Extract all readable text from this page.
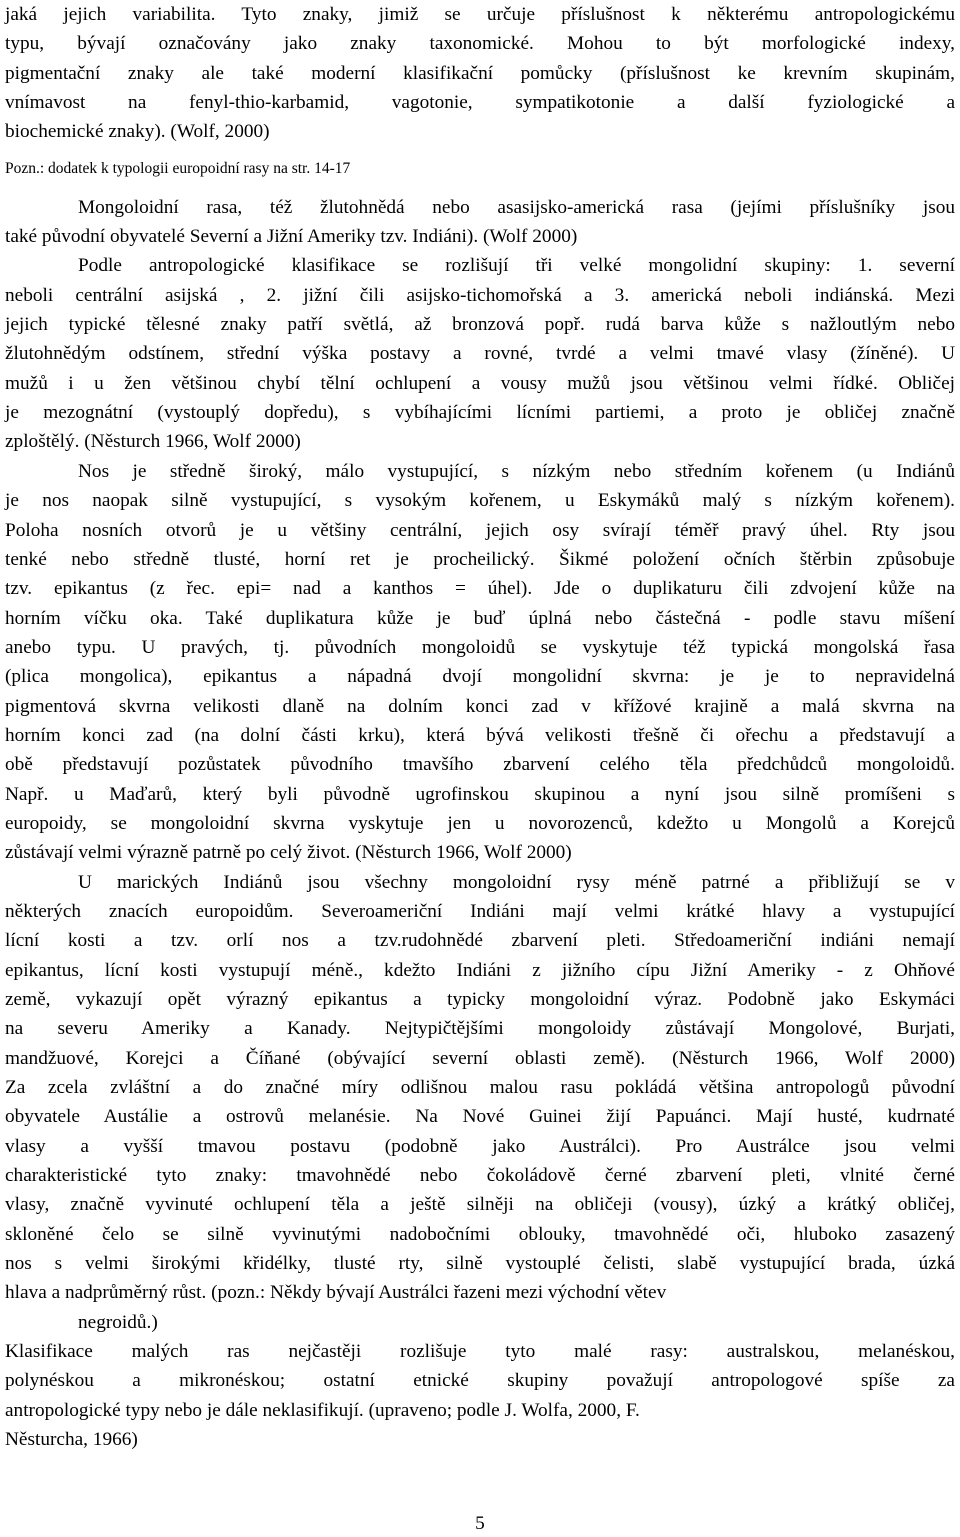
jaká jejich variabilita. Tyto znaky, jimiž se určuje příslušnost k některému antropologickému
typu, bývají označovány jako znaky taxonomické. Mohou to být morfologické indexy,
pigmentační znaky ale také moderní klasifikační pomůcky (příslušnost ke krevním skupinám,
vnímavost na fenyl-thio-karbamid, vagotonie, sympatikotonie a další fyziologické a
biochemické znaky). (Wolf, 2000)
Pozn.: dodatek k typologii europoidní rasy na str. 14-17
Mongoloidní rasa, též žlutohnědá nebo asasijsko-americká rasa (jejími příslušníky jsou
také původní obyvatelé Severní a Jižní Ameriky tzv. Indiáni). (Wolf 2000)
Podle antropologické klasifikace se rozlišují tři velké mongolidní skupiny: 1. severní
neboli centrální asijská , 2. jižní čili asijsko-tichomořská a 3. americká neboli indiánská. Mezi
jejich typické tělesné znaky patří světlá, až bronzová popř. rudá barva kůže s nažloutlým nebo
žlutohnědým odstínem, střední výška postavy a rovné, tvrdé a velmi tmavé vlasy (žíněné). U
mužů i u žen většinou chybí tělní ochlupení a vousy mužů jsou většinou velmi řídké. Obličej
je mezognátní (vystouplý dopředu), s vybíhajícími lícními partiemi, a proto je obličej značně
zploštělý. (Něsturch 1966, Wolf 2000)
Nos je středně široký, málo vystupující, s nízkým nebo středním kořenem (u Indiánů
je nos naopak silně vystupující, s vysokým kořenem, u Eskymáků malý s nízkým kořenem).
Poloha nosních otvorů je u většiny centrální, jejich osy svírají téměř pravý úhel. Rty jsou
tenké nebo středně tlusté, horní ret je procheilický. Šikmé položení očních štěrbin způsobuje
tzv. epikantus (z řec. epi= nad a kanthos = úhel). Jde o duplikaturu čili zdvojení kůže na
horním víčku oka. Také duplikatura kůže je buď úplná nebo částečná - podle stavu míšení
anebo typu. U pravých, tj. původních mongoloidů se vyskytuje též typická mongolská řasa
(plica mongolica), epikantus a nápadná dvojí mongolidní skvrna: je je to nepravidelná
pigmentová skvrna velikosti dlaně na dolním konci zad v křížové krajině a malá skvrna na
horním konci zad (na dolní části krku), která bývá velikosti třešně či ořechu a představují a
obě představují pozůstatek původního tmavšího zbarvení celého těla předchůdců mongoloidů.
Např. u Maďarů, který byli původně ugrofinskou skupinou a nyní jsou silně promíšeni s
europoidy, se mongoloidní skvrna vyskytuje jen u novorozenců, kdežto u Mongolů a Korejců
zůstávají velmi výrazně patrně po celý život. (Něsturch 1966, Wolf 2000)
U marických Indiánů jsou všechny mongoloidní rysy méně patrné a přibližují se v
některých znacích europoidům. Severoameriční Indiáni mají velmi krátké hlavy a vystupující
lícní kosti a tzv. orlí nos a tzv.rudohnědé zbarvení pleti. Středoameriční indiáni nemají
epikantus, lícní kosti vystupují méně., kdežto Indiáni z jižního cípu Jižní Ameriky - z Ohňové
země, vykazují opět výrazný epikantus a typicky mongoloidní výraz. Podobně jako Eskymáci
na severu Ameriky a Kanady. Nejtypičtějšími mongoloidy zůstávají Mongolové, Burjati,
mandžuové, Korejci a Číňané (obývající severní oblasti země). (Něsturch 1966, Wolf 2000)
Za zcela zvláštní a do značné míry odlišnou malou rasu pokládá většina antropologů původní
obyvatele Austálie a ostrovů melanésie. Na Nové Guinei žijí Papuánci. Mají husté, kudrnaté
vlasy a vyšší tmavou postavu (podobně jako Austrálci). Pro Austrálce jsou velmi
charakteristické tyto znaky: tmavohnědé nebo čokoládově černé zbarvení pleti, vlnité černé
vlasy, značně vyvinuté ochlupení těla a ještě silněji na obličeji (vousy), úzký a krátký obličej,
skloněné čelo se silně vyvinutými nadobočními oblouky, tmavohnědé oči, hluboko zasazený
nos s velmi širokými křidélky, tlusté rty, silně vystouplé čelisti, slabě vystupující brada, úzká
hlava a nadprůměrný růst. (pozn.: Někdy bývají Austrálci řazeni mezi východní větev
negroidů.)
Klasifikace malých ras nejčastěji rozlišuje tyto malé rasy: australskou, melanéskou,
polynéskou a mikronéskou; ostatní etnické skupiny považují antropologové spíše za
antropologické typy nebo je dále neklasifikují. (upraveno; podle J. Wolfa, 2000, F.
Něsturcha, 1966)
5
